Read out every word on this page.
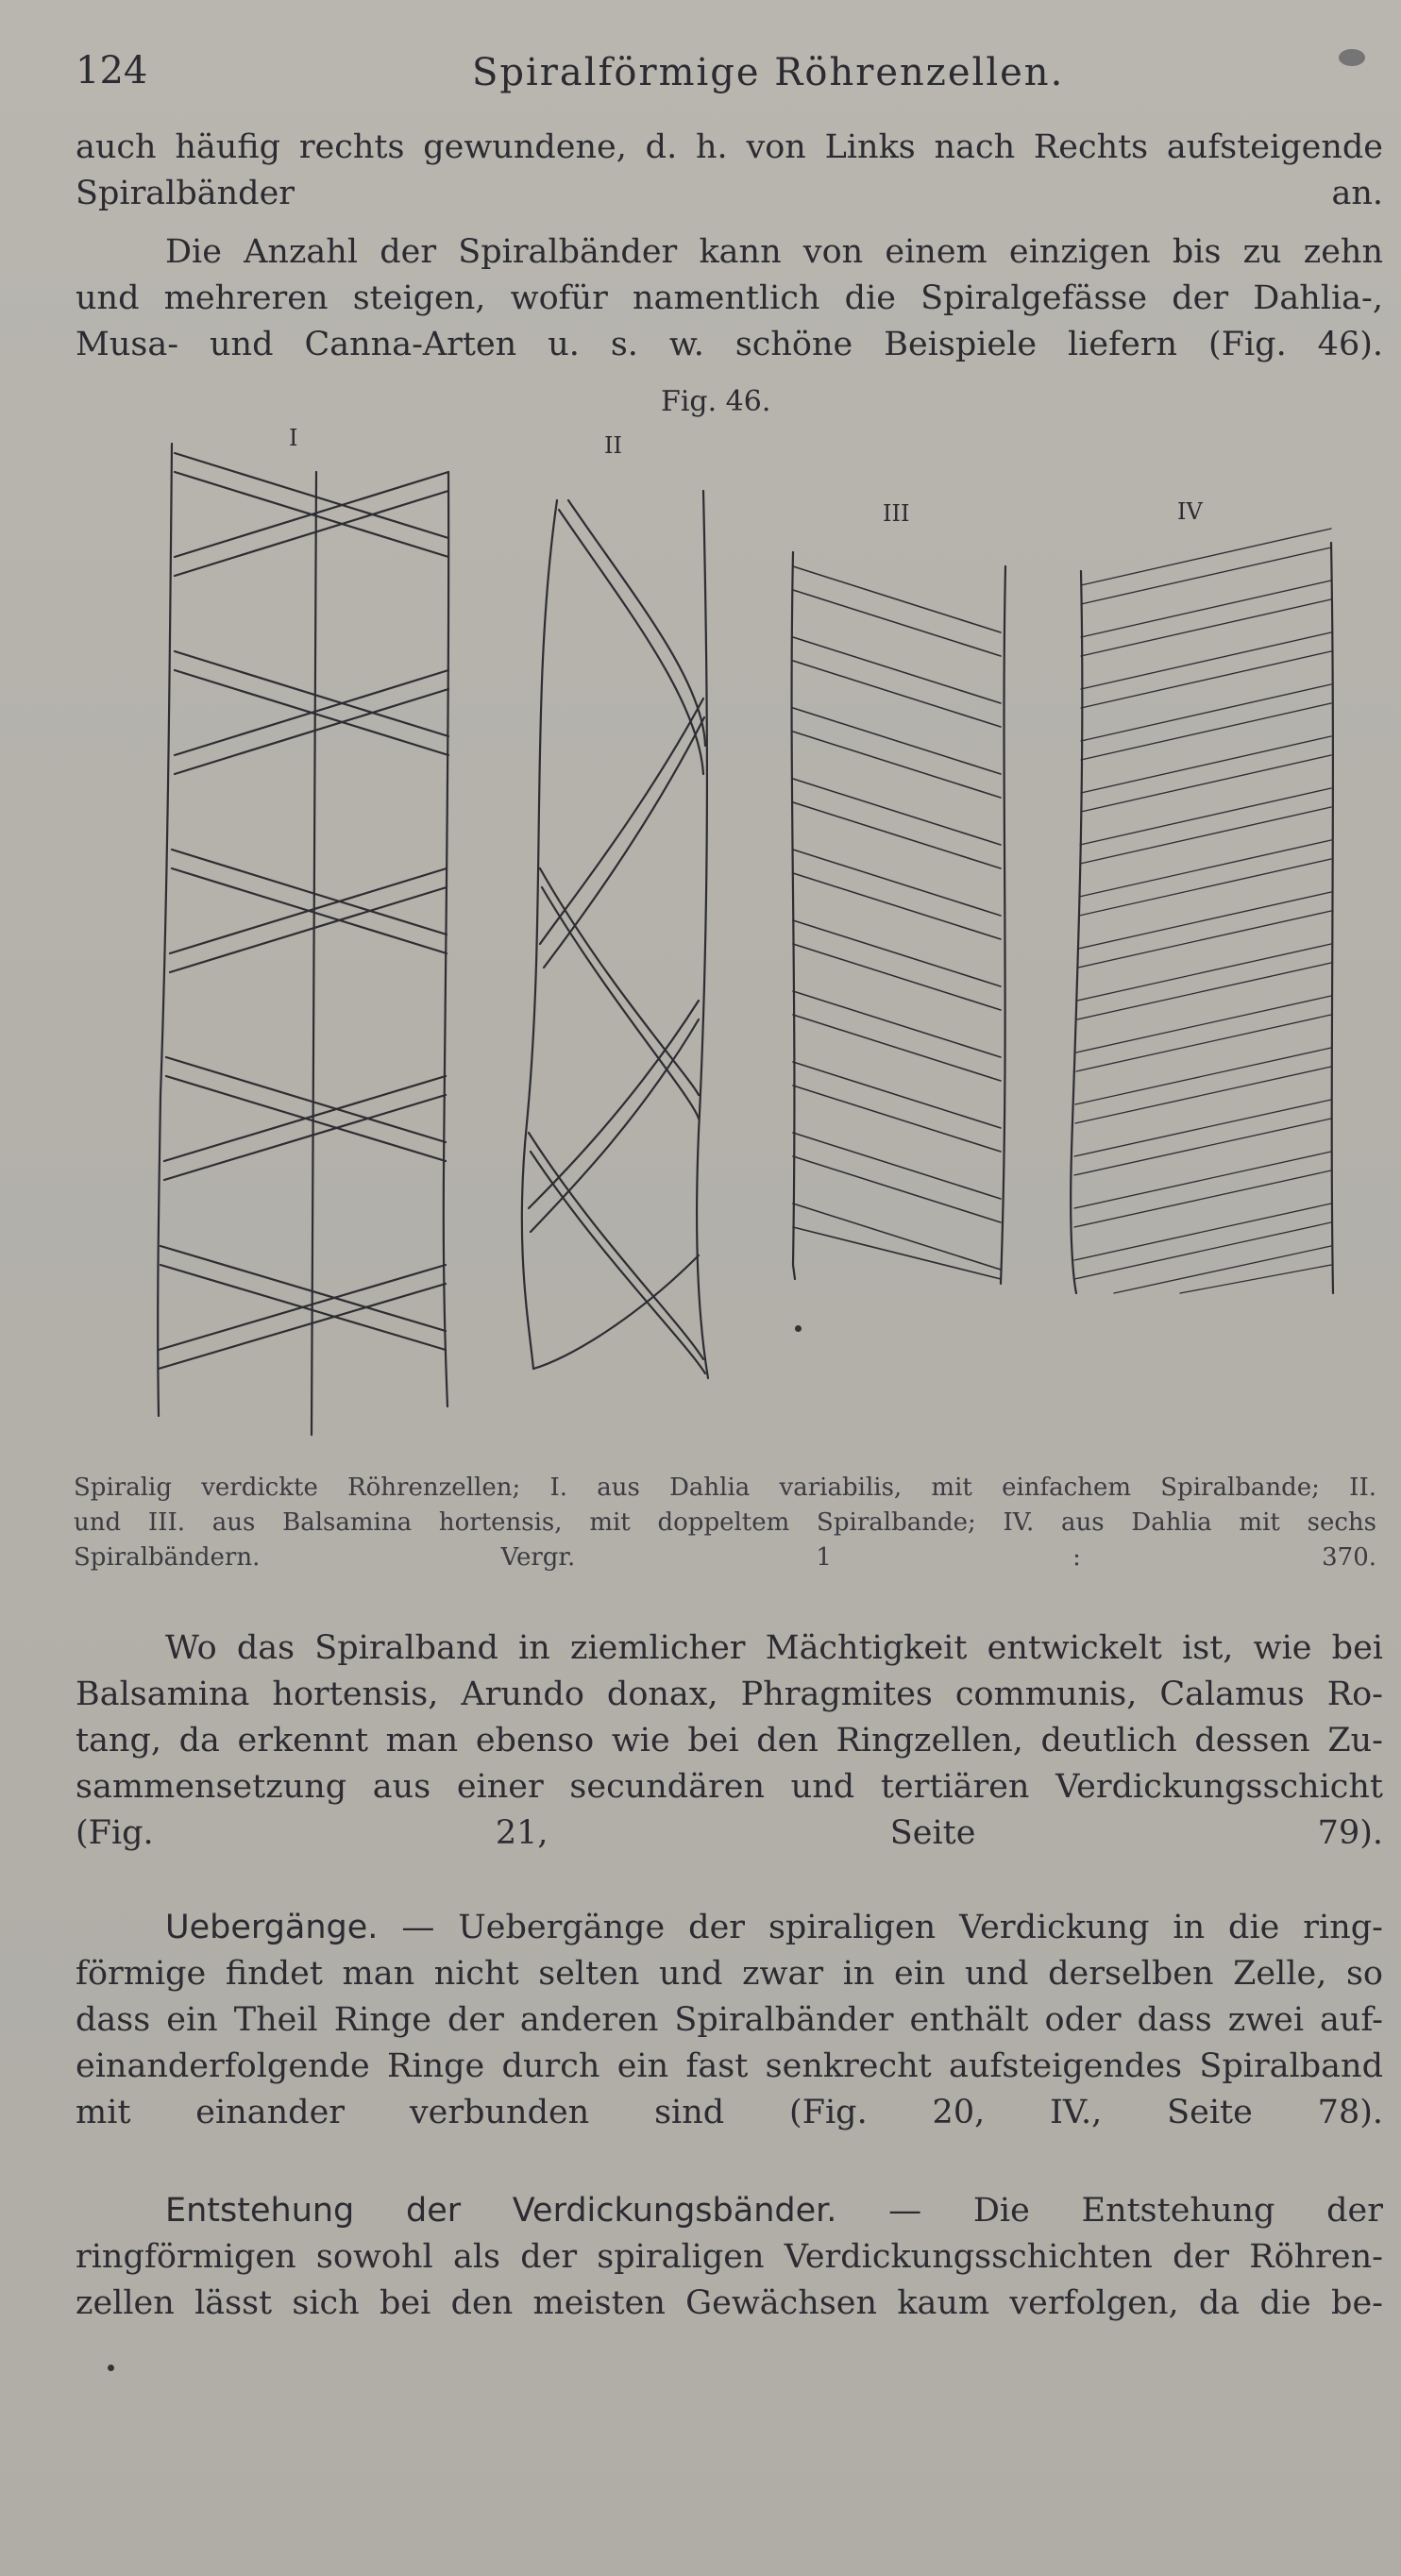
124	Spiralförmige Röhrenzellen.

auch häufig rechts gewundene, d. h. von Links nach Rechts aufsteigende
Spiralbänder an.

Die Anzahl der Spiralbänder kann von einem einzigen bis zu zehn
und mehreren steigen, wofür namentlich die Spiralgefässe der Dahlia-,
Musa- und Canna-Arten u. s. w. schöne Beispiele liefern (Fig. 46).

Fig. 46.
I	II
III	IV
Spiralig verdickte Röhrenzellen; I. aus Dahlia variabilis, mit einfachem Spiralbande; II.
und III. aus Balsamina hortensis, mit doppeltem Spiralbande; IV. aus Dahlia mit sechs
Spiralbändern. Vergr. 1 : 370.

Wo das Spiralband in ziemlicher Mächtigkeit entwickelt ist, wie bei
Balsamina hortensis, Arundo donax, Phragmites communis, Calamus Ro-
tang, da erkennt man ebenso wie bei den Ringzellen, deutlich dessen Zu-
sammensetzung aus einer secundären und tertiären Verdickungsschicht
(Fig. 21, Seite 79).

Uebergänge. — Uebergänge der spiraligen Verdickung in die ring-
förmige findet man nicht selten und zwar in ein und derselben Zelle, so
dass ein Theil Ringe der anderen Spiralbänder enthält oder dass zwei auf-
einanderfolgende Ringe durch ein fast senkrecht aufsteigendes Spiralband
mit einander verbunden sind (Fig. 20, IV., Seite 78).

Entstehung der Verdickungsbänder. — Die Entstehung der
ringförmigen sowohl als der spiraligen Verdickungsschichten der Röhren-
zellen lässt sich bei den meisten Gewächsen kaum verfolgen, da die be-
